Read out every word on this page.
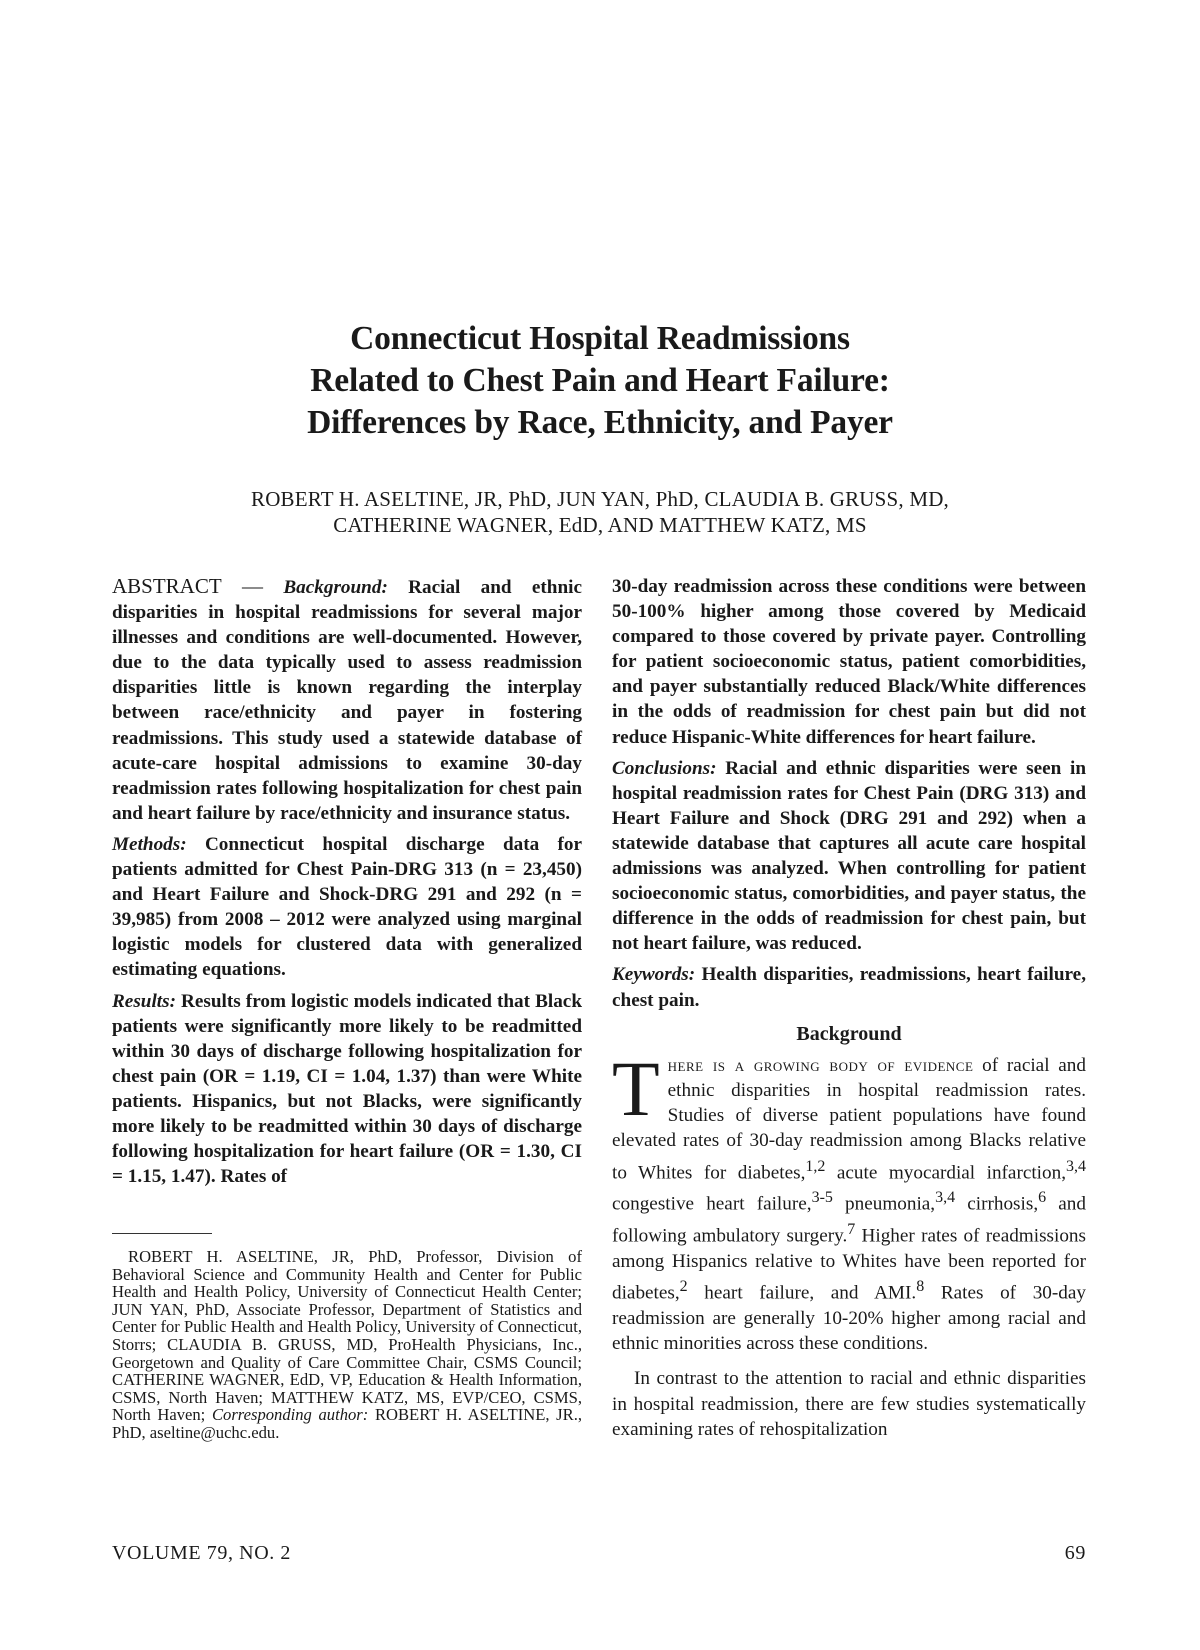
Connecticut Hospital Readmissions
Related to Chest Pain and Heart Failure:
Differences by Race, Ethnicity, and Payer
ROBERT H. ASELTINE, JR, PhD, JUN YAN, PhD, CLAUDIA B. GRUSS, MD,
CATHERINE WAGNER, EdD, AND MATTHEW KATZ, MS

ABSTRACT — Background: Racial and ethnic disparities in hospital readmissions for several major illnesses and conditions are well-documented. However, due to the data typically used to assess readmission disparities little is known regarding the interplay between race/ethnicity and payer in fostering readmissions. This study used a statewide database of acute-care hospital admissions to examine 30-day readmission rates following hospitalization for chest pain and heart failure by race/ethnicity and insurance status.

Methods: Connecticut hospital discharge data for patients admitted for Chest Pain-DRG 313 (n = 23,450) and Heart Failure and Shock-DRG 291 and 292 (n = 39,985) from 2008 – 2012 were analyzed using marginal logistic models for clustered data with generalized estimating equations.

Results: Results from logistic models indicated that Black patients were significantly more likely to be readmitted within 30 days of discharge following hospitalization for chest pain (OR = 1.19, CI = 1.04, 1.37) than were White patients. Hispanics, but not Blacks, were significantly more likely to be readmitted within 30 days of discharge following hospitalization for heart failure (OR = 1.30, CI = 1.15, 1.47). Rates of

ROBERT H. ASELTINE, JR, PhD, Professor, Division of Behavioral Science and Community Health and Center for Public Health and Health Policy, University of Connecticut Health Center; JUN YAN, PhD, Associate Professor, Department of Statistics and Center for Public Health and Health Policy, University of Connecticut, Storrs; CLAUDIA B. GRUSS, MD, ProHealth Physicians, Inc., Georgetown and Quality of Care Committee Chair, CSMS Council; CATHERINE WAGNER, EdD, VP, Education & Health Information, CSMS, North Haven; MATTHEW KATZ, MS, EVP/CEO, CSMS, North Haven; Corresponding author: ROBERT H. ASELTINE, JR., PhD, aseltine@uchc.edu.

30-day readmission across these conditions were between 50-100% higher among those covered by Medicaid compared to those covered by private payer. Controlling for patient socioeconomic status, patient comorbidities, and payer substantially reduced Black/White differences in the odds of readmission for chest pain but did not reduce Hispanic-White differences for heart failure.

Conclusions: Racial and ethnic disparities were seen in hospital readmission rates for Chest Pain (DRG 313) and Heart Failure and Shock (DRG 291 and 292) when a statewide database that captures all acute care hospital admissions was analyzed. When controlling for patient socioeconomic status, comorbidities, and payer status, the difference in the odds of readmission for chest pain, but not heart failure, was reduced.

Keywords: Health disparities, readmissions, heart failure, chest pain.

Background

There is a growing body of evidence of racial and ethnic disparities in hospital readmission rates. Studies of diverse patient populations have found elevated rates of 30-day readmission among Blacks relative to Whites for diabetes,$^{1,2}$ acute myocardial infarction,$^{3,4}$ congestive heart failure,$^{3-5}$ pneumonia,$^{3,4}$ cirrhosis,$^6$ and following ambulatory surgery.$^7$ Higher rates of readmissions among Hispanics relative to Whites have been reported for diabetes,$^2$ heart failure, and AMI.$^8$ Rates of 30-day readmission are generally 10-20% higher among racial and ethnic minorities across these conditions.

In contrast to the attention to racial and ethnic disparities in hospital readmission, there are few studies systematically examining rates of rehospitalization

VOLUME 79, NO. 2	69
